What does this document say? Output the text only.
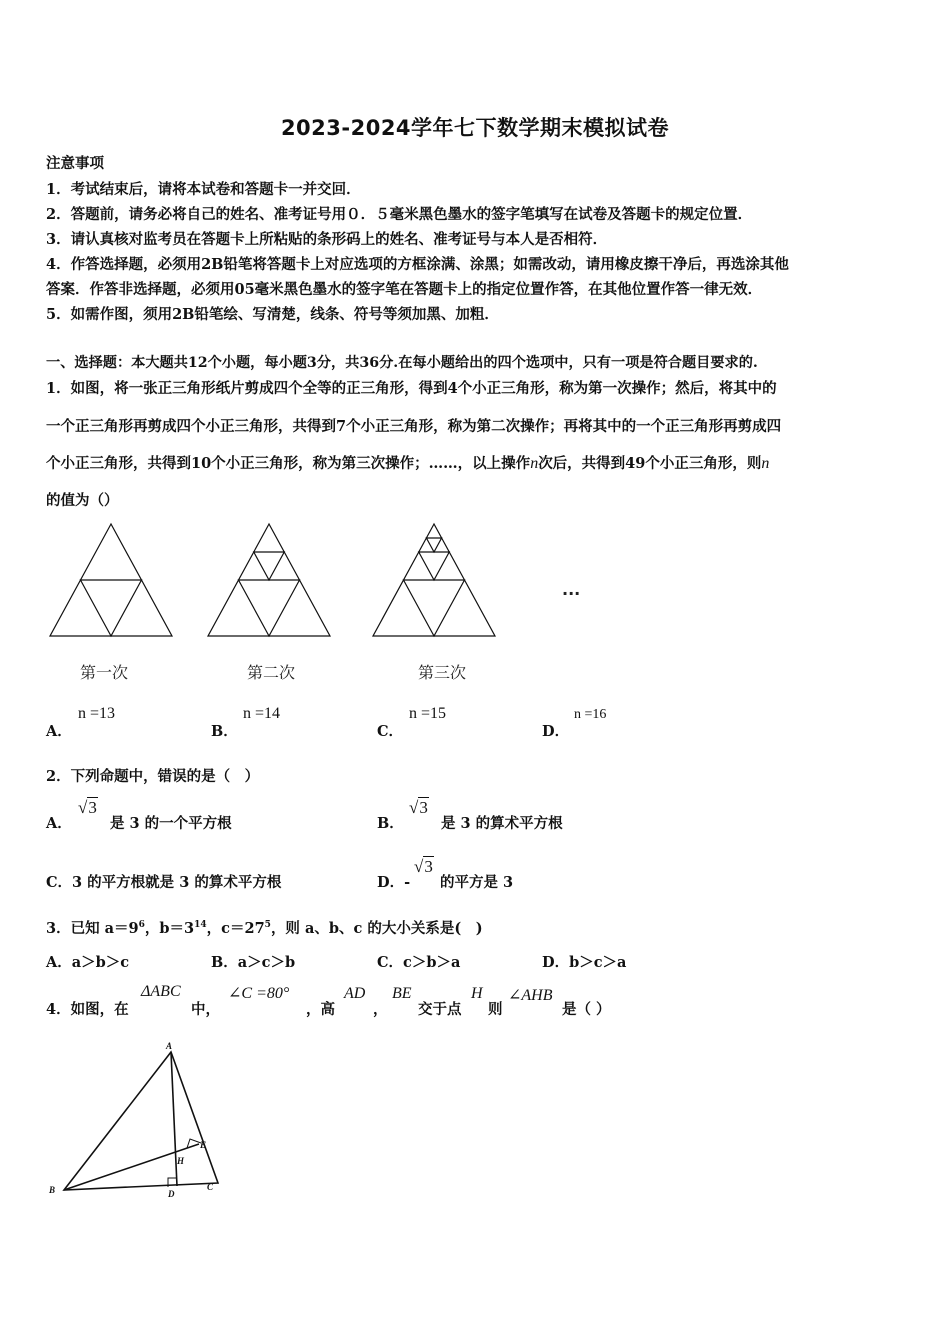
2023-2024学年七下数学期末模拟试卷
注意事项
1．考试结束后，请将本试卷和答题卡一并交回．
2．答题前，请务必将自己的姓名、准考证号用０．５毫米黑色墨水的签字笔填写在试卷及答题卡的规定位置．
3．请认真核对监考员在答题卡上所粘贴的条形码上的姓名、准考证号与本人是否相符．
4．作答选择题，必须用2B铅笔将答题卡上对应选项的方框涂满、涂黑；如需改动，请用橡皮擦干净后，再选涂其他
答案．作答非选择题，必须用05毫米黑色墨水的签字笔在答题卡上的指定位置作答，在其他位置作答一律无效．
5．如需作图，须用2B铅笔绘、写清楚，线条、符号等须加黑、加粗．
一、选择题：本大题共12个小题，每小题3分，共36分.在每小题给出的四个选项中，只有一项是符合题目要求的.
1．如图，将一张正三角形纸片剪成四个全等的正三角形，得到4个小正三角形，称为第一次操作；然后，将其中的
一个正三角形再剪成四个小正三角形，共得到7个小正三角形，称为第二次操作；再将其中的一个正三角形再剪成四
个小正三角形，共得到10个小正三角形，称为第三次操作；……，以上操作n次后，共得到49个小正三角形，则n
的值为（）
...
第一次	第二次	第三次
A．
n =13
B．
n =14
C．
n =15
D．
n =16
2．下列命题中，错误的是（　）
A．
√3
是 3 的一个平方根	B．
√3
是 3 的算术平方根
C．3 的平方根就是 3 的算术平方根	D．-
√3
的平方是 3
3．已知 $a=9^6$，$b=3^{14}$，$c=27^5$，则 a、b、c 的大小关系是(　)
A．a＞b＞c	B．a＞c＞b	C．c＞b＞a	D．b＞c＞a
4．如图，在
ΔABC
中，
∠C =80°
，高
AD
，
BE
交于点
H
则
∠AHB
是（ ）
A
B	C
D
E
H
